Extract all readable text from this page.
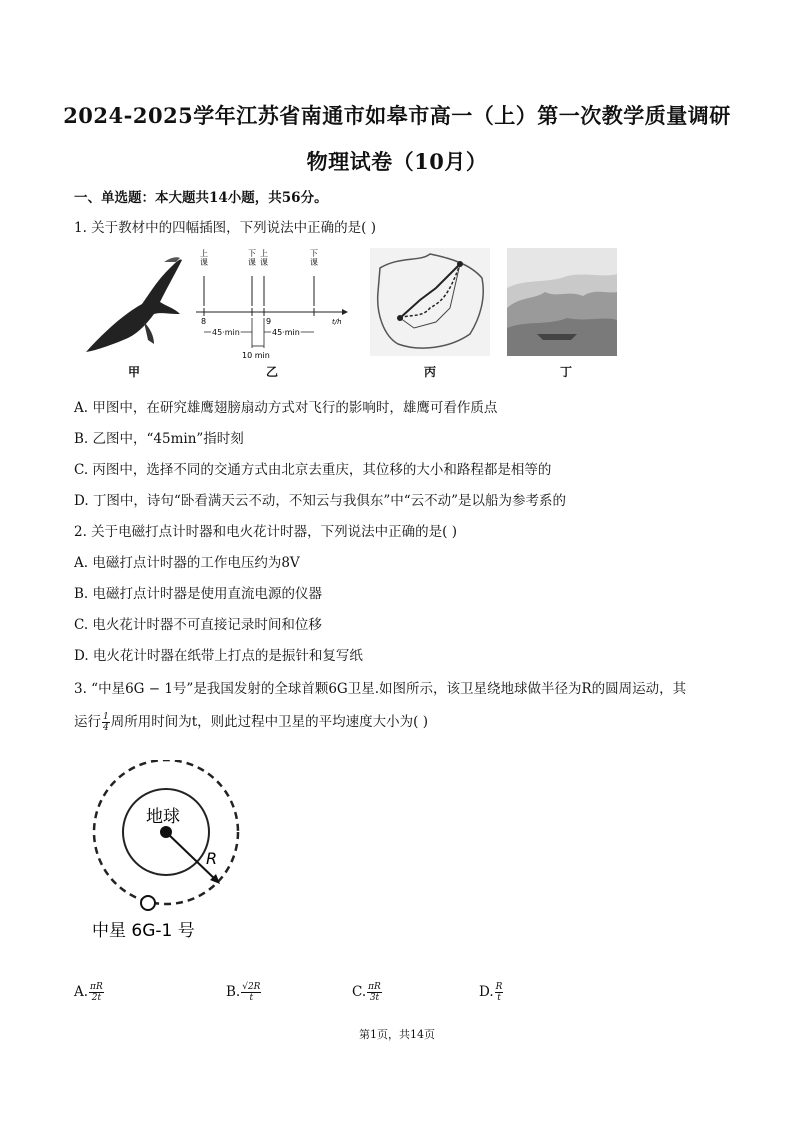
2024-2025学年江苏省南通市如皋市高一（上）第一次教学质量调研
物理试卷（10月）
一、单选题：本大题共14小题，共56分。
1. 关于教材中的四幅插图，下列说法中正确的是( )
上课
下课
上课
下课
8	9	t/h
45 min	45 min
10 min
甲	乙	丙	丁
A. 甲图中，在研究雄鹰翅膀扇动方式对飞行的影响时，雄鹰可看作质点
B. 乙图中，“45min”指时刻
C. 丙图中，选择不同的交通方式由北京去重庆，其位移的大小和路程都是相等的
D. 丁图中，诗句“卧看满天云不动，不知云与我俱东”中“云不动”是以船为参考系的
2. 关于电磁打点计时器和电火花计时器，下列说法中正确的是( )
A. 电磁打点计时器的工作电压约为8V
B. 电磁打点计时器是使用直流电源的仪器
C. 电火花计时器不可直接记录时间和位移
D. 电火花计时器在纸带上打点的是振针和复写纸
3. “中星6G − 1号”是我国发射的全球首颗6G卫星.如图所示，该卫星绕地球做半径为R的圆周运动，其
运行 $\frac{1}{4}$ 周所用时间为t，则此过程中卫星的平均速度大小为( )
地球
R
中星 6G-1 号
A. $\frac{\pi R}{2t}$	B. $\frac{√2R}{t}$	C. $\frac{\pi R}{3t}$	D. $\frac{R}{t}$
第1页，共14页
